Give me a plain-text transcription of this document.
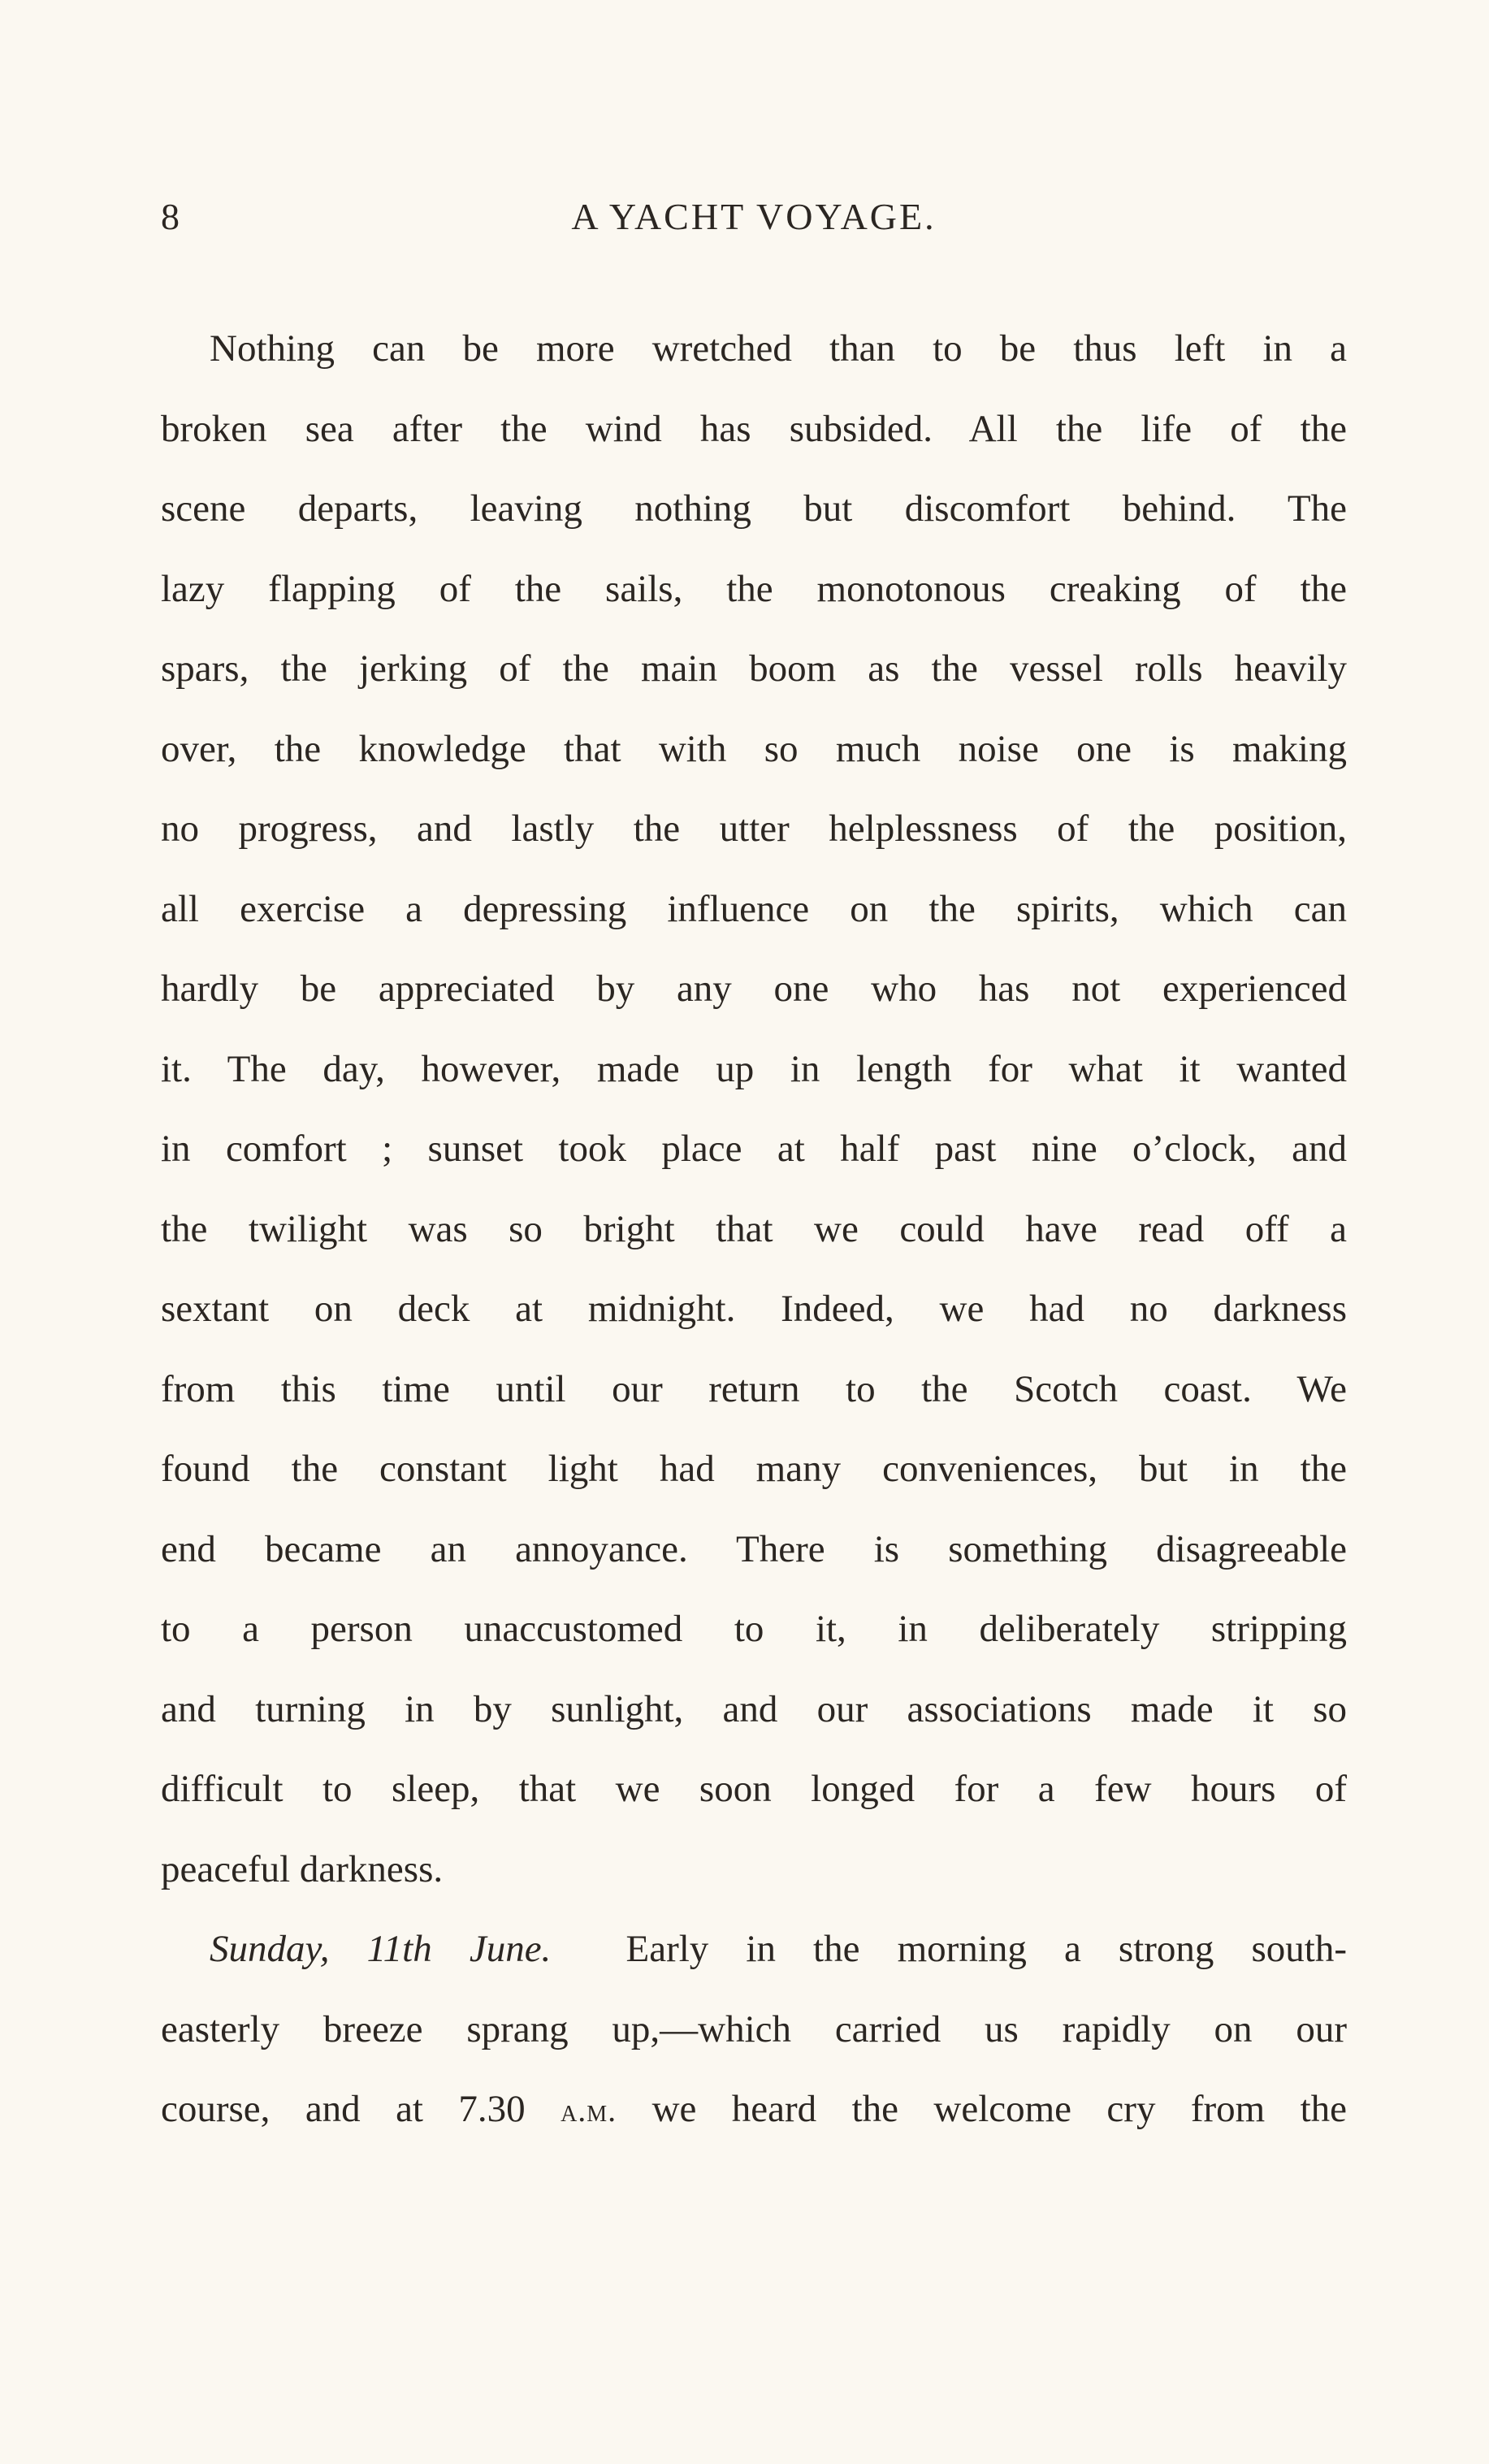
8	A YACHT VOYAGE.
Nothing can be more wretched than to be thus left in a
broken sea after the wind has subsided. All the life of the
scene departs, leaving nothing but discomfort behind. The
lazy flapping of the sails, the monotonous creaking of the
spars, the jerking of the main boom as the vessel rolls heavily
over, the knowledge that with so much noise one is making
no progress, and lastly the utter helplessness of the position,
all exercise a depressing influence on the spirits, which can
hardly be appreciated by any one who has not experienced
it. The day, however, made up in length for what it wanted
in comfort ; sunset took place at half past nine o’clock, and
the twilight was so bright that we could have read off a
sextant on deck at midnight. Indeed, we had no darkness
from this time until our return to the Scotch coast. We
found the constant light had many conveniences, but in the
end became an annoyance. There is something disagreeable
to a person unaccustomed to it, in deliberately stripping
and turning in by sunlight, and our associations made it so
difficult to sleep, that we soon longed for a few hours of
peaceful darkness.
Sunday, 11th June. Early in the morning a strong south-
easterly breeze sprang up,—which carried us rapidly on our
course, and at 7.30 a.m. we heard the welcome cry from the
